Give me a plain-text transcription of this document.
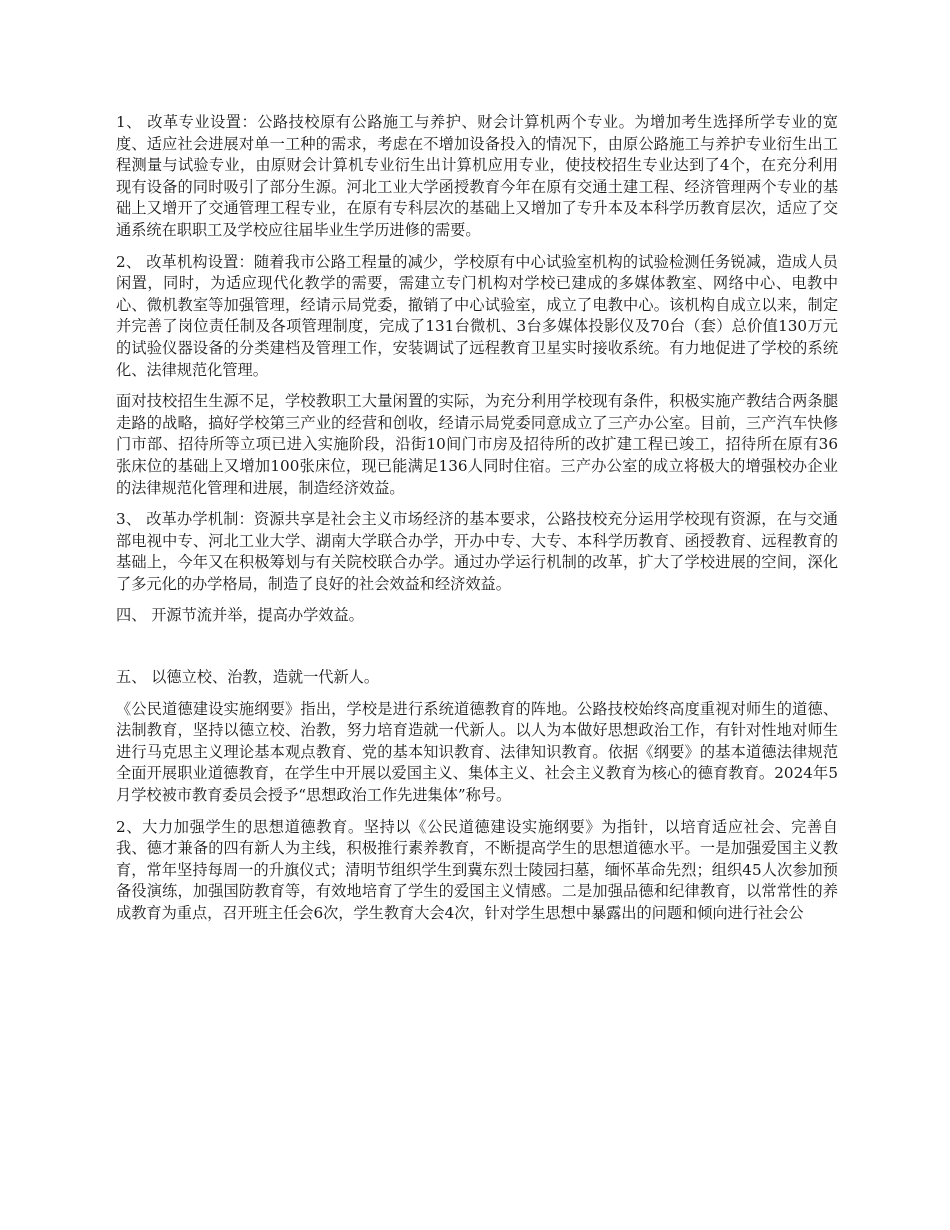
1、 改革专业设置：公路技校原有公路施工与养护、财会计算机两个专业。为增加考生选择所学专业的宽度、适应社会进展对单一工种的需求，考虑在不增加设备投入的情况下，由原公路施工与养护专业衍生出工程测量与试验专业，由原财会计算机专业衍生出计算机应用专业，使技校招生专业达到了4个，在充分利用现有设备的同时吸引了部分生源。河北工业大学函授教育今年在原有交通土建工程、经济管理两个专业的基础上又增开了交通管理工程专业，在原有专科层次的基础上又增加了专升本及本科学历教育层次，适应了交通系统在职职工及学校应往届毕业生学历进修的需要。

2、 改革机构设置：随着我市公路工程量的减少，学校原有中心试验室机构的试验检测任务锐减，造成人员闲置，同时，为适应现代化教学的需要，需建立专门机构对学校已建成的多媒体教室、网络中心、电教中心、微机教室等加强管理，经请示局党委，撤销了中心试验室，成立了电教中心。该机构自成立以来，制定并完善了岗位责任制及各项管理制度，完成了131台微机、3台多媒体投影仪及70台（套）总价值130万元的试验仪器设备的分类建档及管理工作，安装调试了远程教育卫星实时接收系统。有力地促进了学校的系统化、法律规范化管理。

面对技校招生生源不足，学校教职工大量闲置的实际，为充分利用学校现有条件，积极实施产教结合两条腿走路的战略，搞好学校第三产业的经营和创收，经请示局党委同意成立了三产办公室。目前，三产汽车快修门市部、招待所等立项已进入实施阶段，沿街10间门市房及招待所的改扩建工程已竣工，招待所在原有36张床位的基础上又增加100张床位，现已能满足136人同时住宿。三产办公室的成立将极大的增强校办企业的法律规范化管理和进展，制造经济效益。

3、 改革办学机制：资源共享是社会主义市场经济的基本要求，公路技校充分运用学校现有资源，在与交通部电视中专、河北工业大学、湖南大学联合办学，开办中专、大专、本科学历教育、函授教育、远程教育的基础上，今年又在积极筹划与有关院校联合办学。通过办学运行机制的改革，扩大了学校进展的空间，深化了多元化的办学格局，制造了良好的社会效益和经济效益。

四、 开源节流并举，提高办学效益。

五、 以德立校、治教，造就一代新人。

《公民道德建设实施纲要》指出，学校是进行系统道德教育的阵地。公路技校始终高度重视对师生的道德、法制教育，坚持以德立校、治教，努力培育造就一代新人。以人为本做好思想政治工作，有针对性地对师生进行马克思主义理论基本观点教育、党的基本知识教育、法律知识教育。依据《纲要》的基本道德法律规范全面开展职业道德教育，在学生中开展以爱国主义、集体主义、社会主义教育为核心的德育教育。2024年5月学校被市教育委员会授予“思想政治工作先进集体”称号。

2、大力加强学生的思想道德教育。坚持以《公民道德建设实施纲要》为指针，以培育适应社会、完善自我、德才兼备的四有新人为主线，积极推行素养教育，不断提高学生的思想道德水平。一是加强爱国主义教育，常年坚持每周一的升旗仪式；清明节组织学生到冀东烈士陵园扫墓，缅怀革命先烈；组织45人次参加预备役演练，加强国防教育等，有效地培育了学生的爱国主义情感。二是加强品德和纪律教育，以常常性的养成教育为重点，召开班主任会6次，学生教育大会4次，针对学生思想中暴露出的问题和倾向进行社会公
